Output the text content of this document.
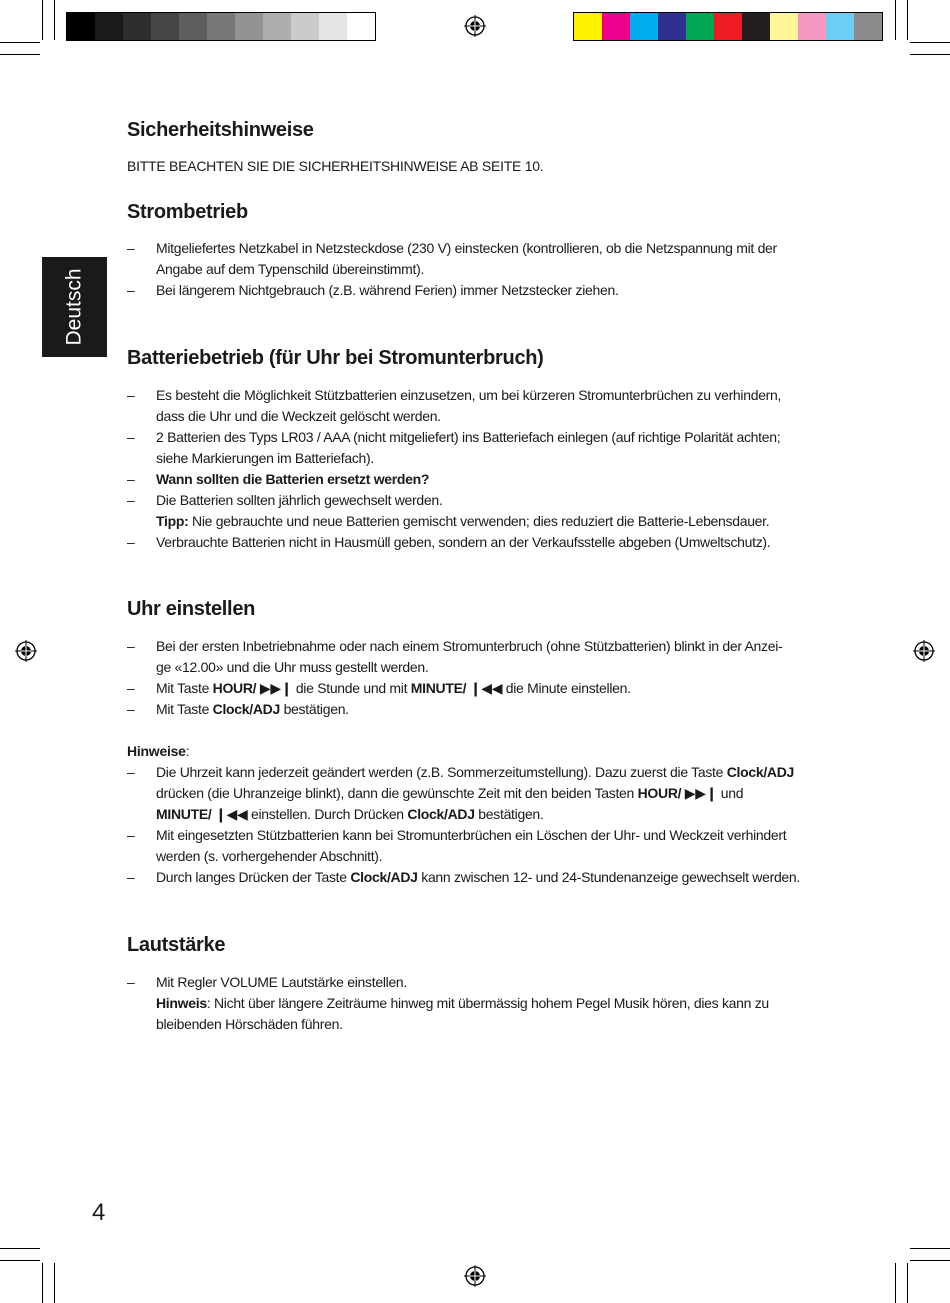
Deutsch
Sicherheitshinweise
BITTE BEACHTEN SIE DIE SICHERHEITSHINWEISE AB SEITE 10.
Strombetrieb
– Mitgeliefertes Netzkabel in Netzsteckdose (230 V) einstecken (kontrollieren, ob die Netzspannung mit der
Angabe auf dem Typenschild übereinstimmt).
– Bei längerem Nichtgebrauch (z.B. während Ferien) immer Netzstecker ziehen.
Batteriebetrieb (für Uhr bei Stromunterbruch)
– Es besteht die Möglichkeit Stützbatterien einzusetzen, um bei kürzeren Stromunterbrüchen zu verhindern,
dass die Uhr und die Weckzeit gelöscht werden.
– 2 Batterien des Typs LR03 / AAA (nicht mitgeliefert) ins Batteriefach einlegen (auf richtige Polarität achten;
siehe Markierungen im Batteriefach).
– Wann sollten die Batterien ersetzt werden?
– Die Batterien sollten jährlich gewechselt werden.
Tipp: Nie gebrauchte und neue Batterien gemischt verwenden; dies reduziert die Batterie-Lebensdauer.
– Verbrauchte Batterien nicht in Hausmüll geben, sondern an der Verkaufsstelle abgeben (Umweltschutz).
Uhr einstellen
– Bei der ersten Inbetriebnahme oder nach einem Stromunterbruch (ohne Stützbatterien) blinkt in der Anzei-
ge «12.00» und die Uhr muss gestellt werden.
– Mit Taste HOUR/ ▶▶❙ die Stunde und mit MINUTE/ ❙◀◀ die Minute einstellen.
– Mit Taste Clock/ADJ bestätigen.
Hinweise:
– Die Uhrzeit kann jederzeit geändert werden (z.B. Sommerzeitumstellung). Dazu zuerst die Taste Clock/ADJ
drücken (die Uhranzeige blinkt), dann die gewünschte Zeit mit den beiden Tasten HOUR/ ▶▶❙ und
MINUTE/ ❙◀◀ einstellen. Durch Drücken Clock/ADJ bestätigen.
– Mit eingesetzten Stützbatterien kann bei Stromunterbrüchen ein Löschen der Uhr- und Weckzeit verhindert
werden (s. vorhergehender Abschnitt).
– Durch langes Drücken der Taste Clock/ADJ kann zwischen 12- und 24-Stundenanzeige gewechselt werden.
Lautstärke
– Mit Regler VOLUME Lautstärke einstellen.
Hinweis: Nicht über längere Zeiträume hinweg mit übermässig hohem Pegel Musik hören, dies kann zu
bleibenden Hörschäden führen.
4
